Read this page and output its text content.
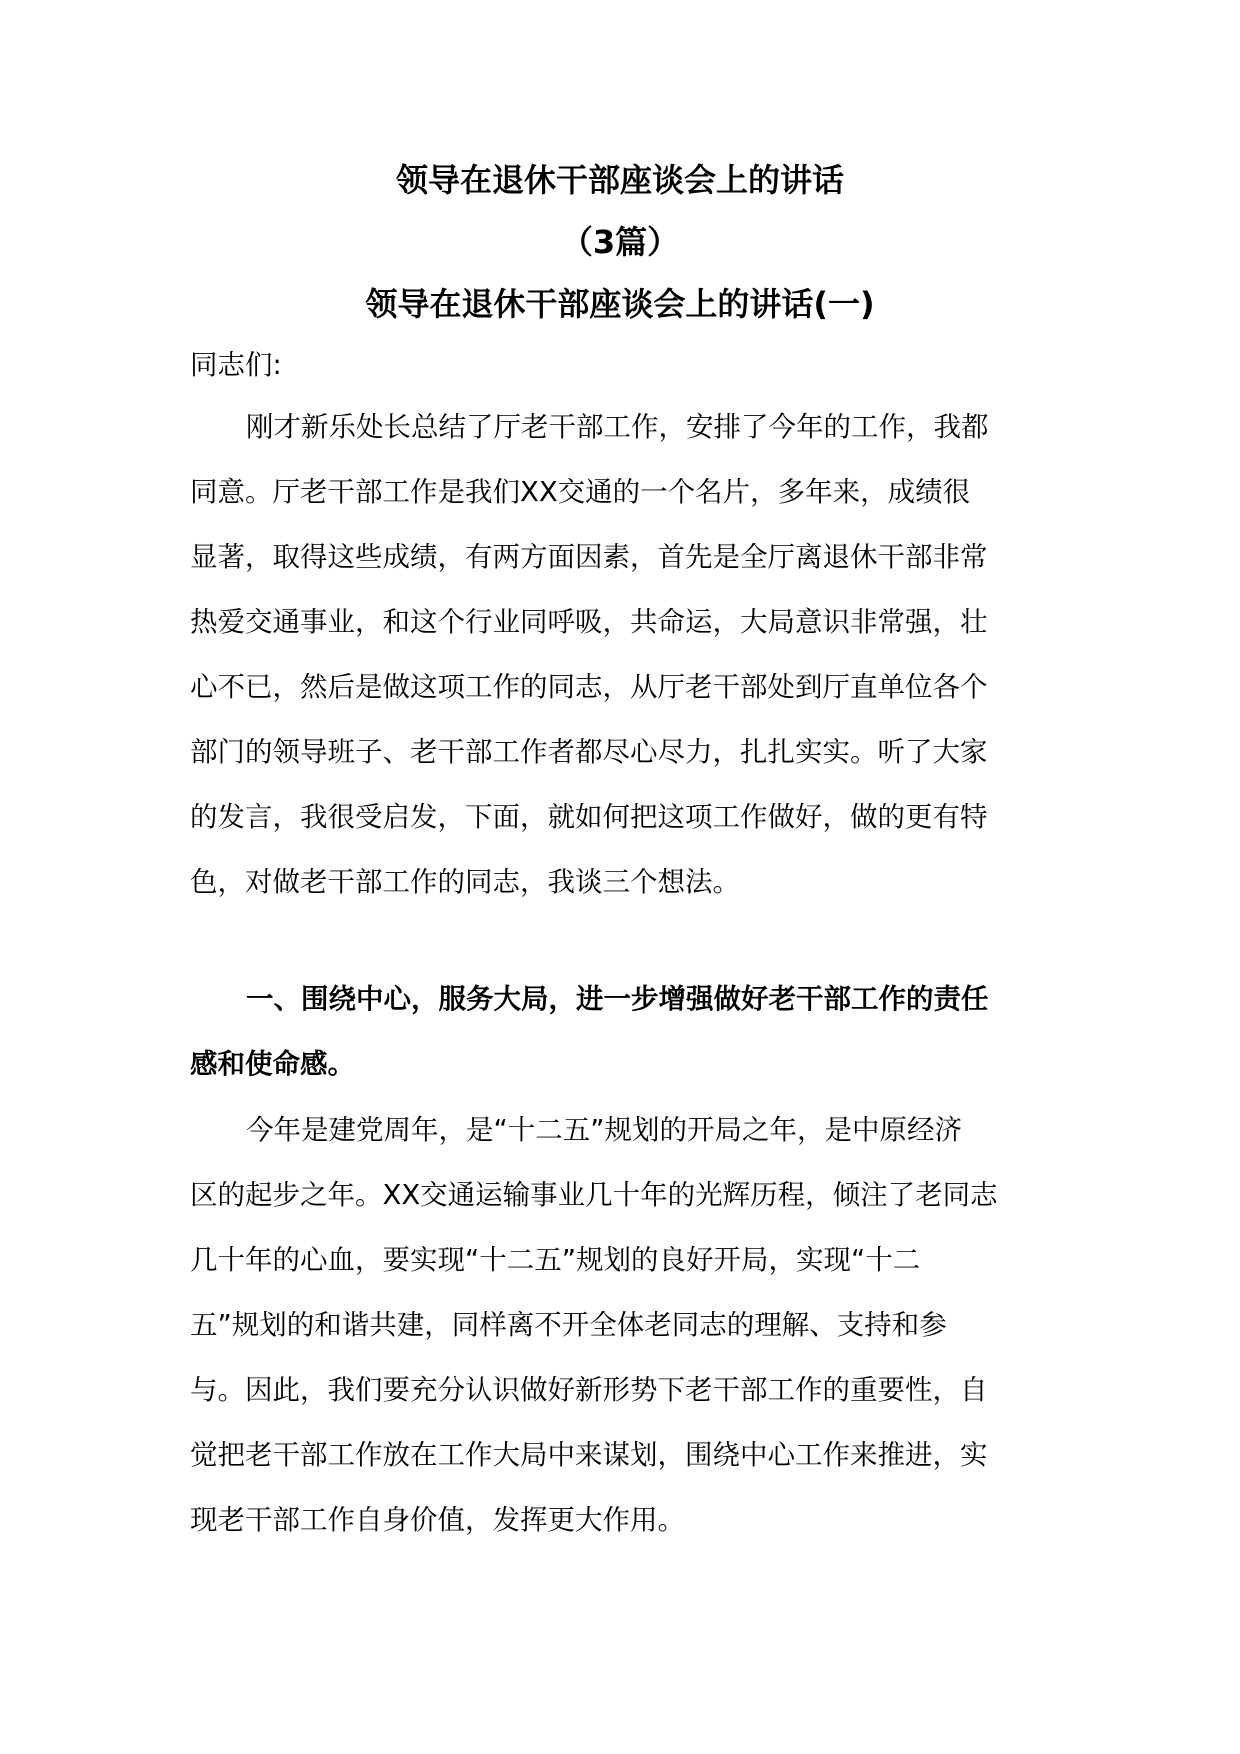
领导在退休干部座谈会上的讲话
（3篇）
领导在退休干部座谈会上的讲话(一)
同志们:
刚才新乐处长总结了厅老干部工作，安排了今年的工作，我都
同意。厅老干部工作是我们XX交通的一个名片，多年来，成绩很
显著，取得这些成绩，有两方面因素，首先是全厅离退休干部非常
热爱交通事业，和这个行业同呼吸，共命运，大局意识非常强，壮
心不已，然后是做这项工作的同志，从厅老干部处到厅直单位各个
部门的领导班子、老干部工作者都尽心尽力，扎扎实实。听了大家
的发言，我很受启发，下面，就如何把这项工作做好，做的更有特
色，对做老干部工作的同志，我谈三个想法。
一、围绕中心，服务大局，进一步增强做好老干部工作的责任
感和使命感。
今年是建党周年，是“十二五”规划的开局之年，是中原经济
区的起步之年。XX交通运输事业几十年的光辉历程，倾注了老同志
几十年的心血，要实现“十二五”规划的良好开局，实现“十二
五”规划的和谐共建，同样离不开全体老同志的理解、支持和参
与。因此，我们要充分认识做好新形势下老干部工作的重要性，自
觉把老干部工作放在工作大局中来谋划，围绕中心工作来推进，实
现老干部工作自身价值，发挥更大作用。
